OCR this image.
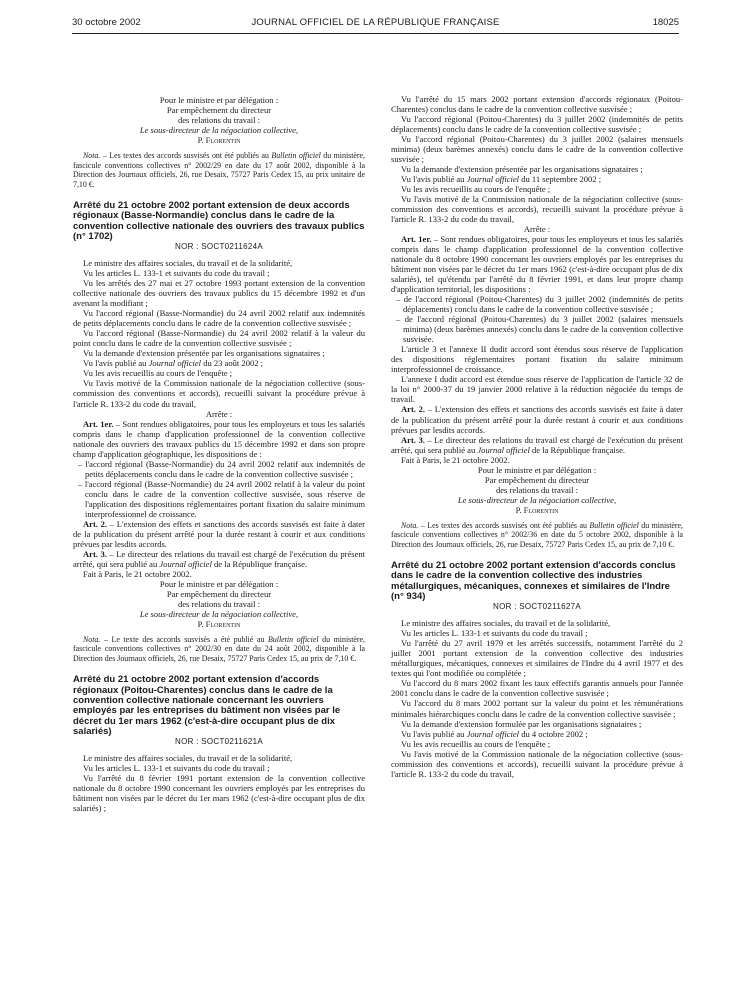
30 octobre 2002	JOURNAL OFFICIEL DE LA RÉPUBLIQUE FRANÇAISE	18025

Pour le ministre et par délégation :

Par empêchement du directeur

des relations du travail :

Le sous-directeur de la négociation collective,

P. Florentin

Nota. – Les textes des accords susvisés ont été publiés au Bulletin officiel du ministère, fascicule conventions collectives n° 2002/29 en date du 17 août 2002, disponible à la Direction des Journaux officiels, 26, rue Desaix, 75727 Paris Cedex 15, au prix unitaire de 7,10 €.

Arrêté du 21 octobre 2002 portant extension de deux accords régionaux (Basse-Normandie) conclus dans le cadre de la convention collective nationale des ouvriers des travaux publics (n° 1702)

NOR : SOCT0211624A

Le ministre des affaires sociales, du travail et de la solidarité,

Vu les articles L. 133-1 et suivants du code du travail ;

Vu les arrêtés des 27 mai et 27 octobre 1993 portant extension de la convention collective nationale des ouvriers des travaux publics du 15 décembre 1992 et d'un avenant la modifiant ;

Vu l'accord régional (Basse-Normandie) du 24 avril 2002 relatif aux indemnités de petits déplacements conclu dans le cadre de la convention collective susvisée ;

Vu l'accord régional (Basse-Normandie) du 24 avril 2002 relatif à la valeur du point conclu dans le cadre de la convention collective susvisée ;

Vu la demande d'extension présentée par les organisations signataires ;

Vu l'avis publié au Journal officiel du 23 août 2002 ;

Vu les avis recueillis au cours de l'enquête ;

Vu l'avis motivé de la Commission nationale de la négociation collective (sous-commission des conventions et accords), recueilli suivant la procédure prévue à l'article R. 133-2 du code du travail,

Arrête :

Art. 1er. – Sont rendues obligatoires, pour tous les employeurs et tous les salariés compris dans le champ d'application professionnel de la convention collective nationale des ouvriers des travaux publics du 15 décembre 1992 et dans son propre champ d'application géographique, les dispositions de :

– l'accord régional (Basse-Normandie) du 24 avril 2002 relatif aux indemnités de petits déplacements conclu dans le cadre de la convention collective susvisée ;

– l'accord régional (Basse-Normandie) du 24 avril 2002 relatif à la valeur du point conclu dans le cadre de la convention collective susvisée, sous réserve de l'application des dispositions réglementaires portant fixation du salaire minimum interprofessionnel de croissance.

Art. 2. – L'extension des effets et sanctions des accords susvisés est faite à dater de la publication du présent arrêté pour la durée restant à courir et aux conditions prévues par lesdits accords.

Art. 3. – Le directeur des relations du travail est chargé de l'exécution du présent arrêté, qui sera publié au Journal officiel de la République française.

Fait à Paris, le 21 octobre 2002.

Pour le ministre et par délégation :

Par empêchement du directeur

des relations du travail :

Le sous-directeur de la négociation collective,

P. Florentin

Nota. – Le texte des accords susvisés a été publié au Bulletin officiel du ministère, fascicule conventions collectives n° 2002/30 en date du 24 août 2002, disponible à la Direction des Journaux officiels, 26, rue Desaix, 75727 Paris Cedex 15, au prix de 7,10 €.

Arrêté du 21 octobre 2002 portant extension d'accords régionaux (Poitou-Charentes) conclus dans le cadre de la convention collective nationale concernant les ouvriers employés par les entreprises du bâtiment non visées par le décret du 1er mars 1962 (c'est-à-dire occupant plus de dix salariés)

NOR : SOCT0211621A

Le ministre des affaires sociales, du travail et de la solidarité,

Vu les articles L. 133-1 et suivants du code du travail ;

Vu l'arrêté du 8 février 1991 portant extension de la convention collective nationale du 8 octobre 1990 concernant les ouvriers employés par les entreprises du bâtiment non visées par le décret du 1er mars 1962 (c'est-à-dire occupant plus de dix salariés) ;

Vu l'arrêté du 15 mars 2002 portant extension d'accords régionaux (Poitou-Charentes) conclus dans le cadre de la convention collective susvisée ;

Vu l'accord régional (Poitou-Charentes) du 3 juillet 2002 (indemnités de petits déplacements) conclu dans le cadre de la convention collective susvisée ;

Vu l'accord régional (Poitou-Charentes) du 3 juillet 2002 (salaires mensuels minima) (deux barèmes annexés) conclu dans le cadre de la convention collective susvisée ;

Vu la demande d'extension présentée par les organisations signataires ;

Vu l'avis publié au Journal officiel du 11 septembre 2002 ;

Vu les avis recueillis au cours de l'enquête ;

Vu l'avis motivé de la Commission nationale de la négociation collective (sous-commission des conventions et accords), recueilli suivant la procédure prévue à l'article R. 133-2 du code du travail,

Arrête :

Art. 1er. – Sont rendues obligatoires, pour tous les employeurs et tous les salariés compris dans le champ d'application professionnel de la convention collective nationale du 8 octobre 1990 concernant les ouvriers employés par les entreprises du bâtiment non visées par le décret du 1er mars 1962 (c'est-à-dire occupant plus de dix salariés), tel qu'étendu par l'arrêté du 8 février 1991, et dans leur propre champ d'application territorial, les dispositions :

– de l'accord régional (Poitou-Charentes) du 3 juillet 2002 (indemnités de petits déplacements) conclu dans le cadre de la convention collective susvisée ;

– de l'accord régional (Poitou-Charentes) du 3 juillet 2002 (salaires mensuels minima) (deux barèmes annexés) conclu dans le cadre de la convention collective susvisée.

L'article 3 et l'annexe II dudit accord sont étendus sous réserve de l'application des dispositions réglementaires portant fixation du salaire minimum interprofessionnel de croissance.

L'annexe I dudit accord est étendue sous réserve de l'application de l'article 32 de la loi n° 2000-37 du 19 janvier 2000 relative à la réduction négociée du temps de travail.

Art. 2. – L'extension des effets et sanctions des accords susvisés est faite à dater de la publication du présent arrêté pour la durée restant à courir et aux conditions prévues par lesdits accords.

Art. 3. – Le directeur des relations du travail est chargé de l'exécution du présent arrêté, qui sera publié au Journal officiel de la République française.

Fait à Paris, le 21 octobre 2002.

Pour le ministre et par délégation :

Par empêchement du directeur

des relations du travail :

Le sous-directeur de la négociation collective,

P. Florentin

Nota. – Les textes des accords susvisés ont été publiés au Bulletin officiel du ministère, fascicule conventions collectives n° 2002/36 en date du 5 octobre 2002, disponible à la Direction des Journaux officiels, 26, rue Desaix, 75727 Paris Cedex 15, au prix de 7,10 €.

Arrêté du 21 octobre 2002 portant extension d'accords conclus dans le cadre de la convention collective des industries métallurgiques, mécaniques, connexes et similaires de l'Indre (n° 934)

NOR : SOCT0211627A

Le ministre des affaires sociales, du travail et de la solidarité,

Vu les articles L. 133-1 et suivants du code du travail ;

Vu l'arrêté du 27 avril 1979 et les arrêtés successifs, notamment l'arrêté du 2 juillet 2001 portant extension de la convention collective des industries métallurgiques, mécaniques, connexes et similaires de l'Indre du 4 avril 1977 et des textes qui l'ont modifiée ou complétée ;

Vu l'accord du 8 mars 2002 fixant les taux effectifs garantis annuels pour l'année 2001 conclu dans le cadre de la convention collective susvisée ;

Vu l'accord du 8 mars 2002 portant sur la valeur du point et les rémunérations minimales hiérarchiques conclu dans le cadre de la convention collective susvisée ;

Vu la demande d'extension formulée par les organisations signataires ;

Vu l'avis publié au Journal officiel du 4 octobre 2002 ;

Vu les avis recueillis au cours de l'enquête ;

Vu l'avis motivé de la Commission nationale de la négociation collective (sous-commission des conventions et accords), recueilli suivant la procédure prévue à l'article R. 133-2 du code du travail,
